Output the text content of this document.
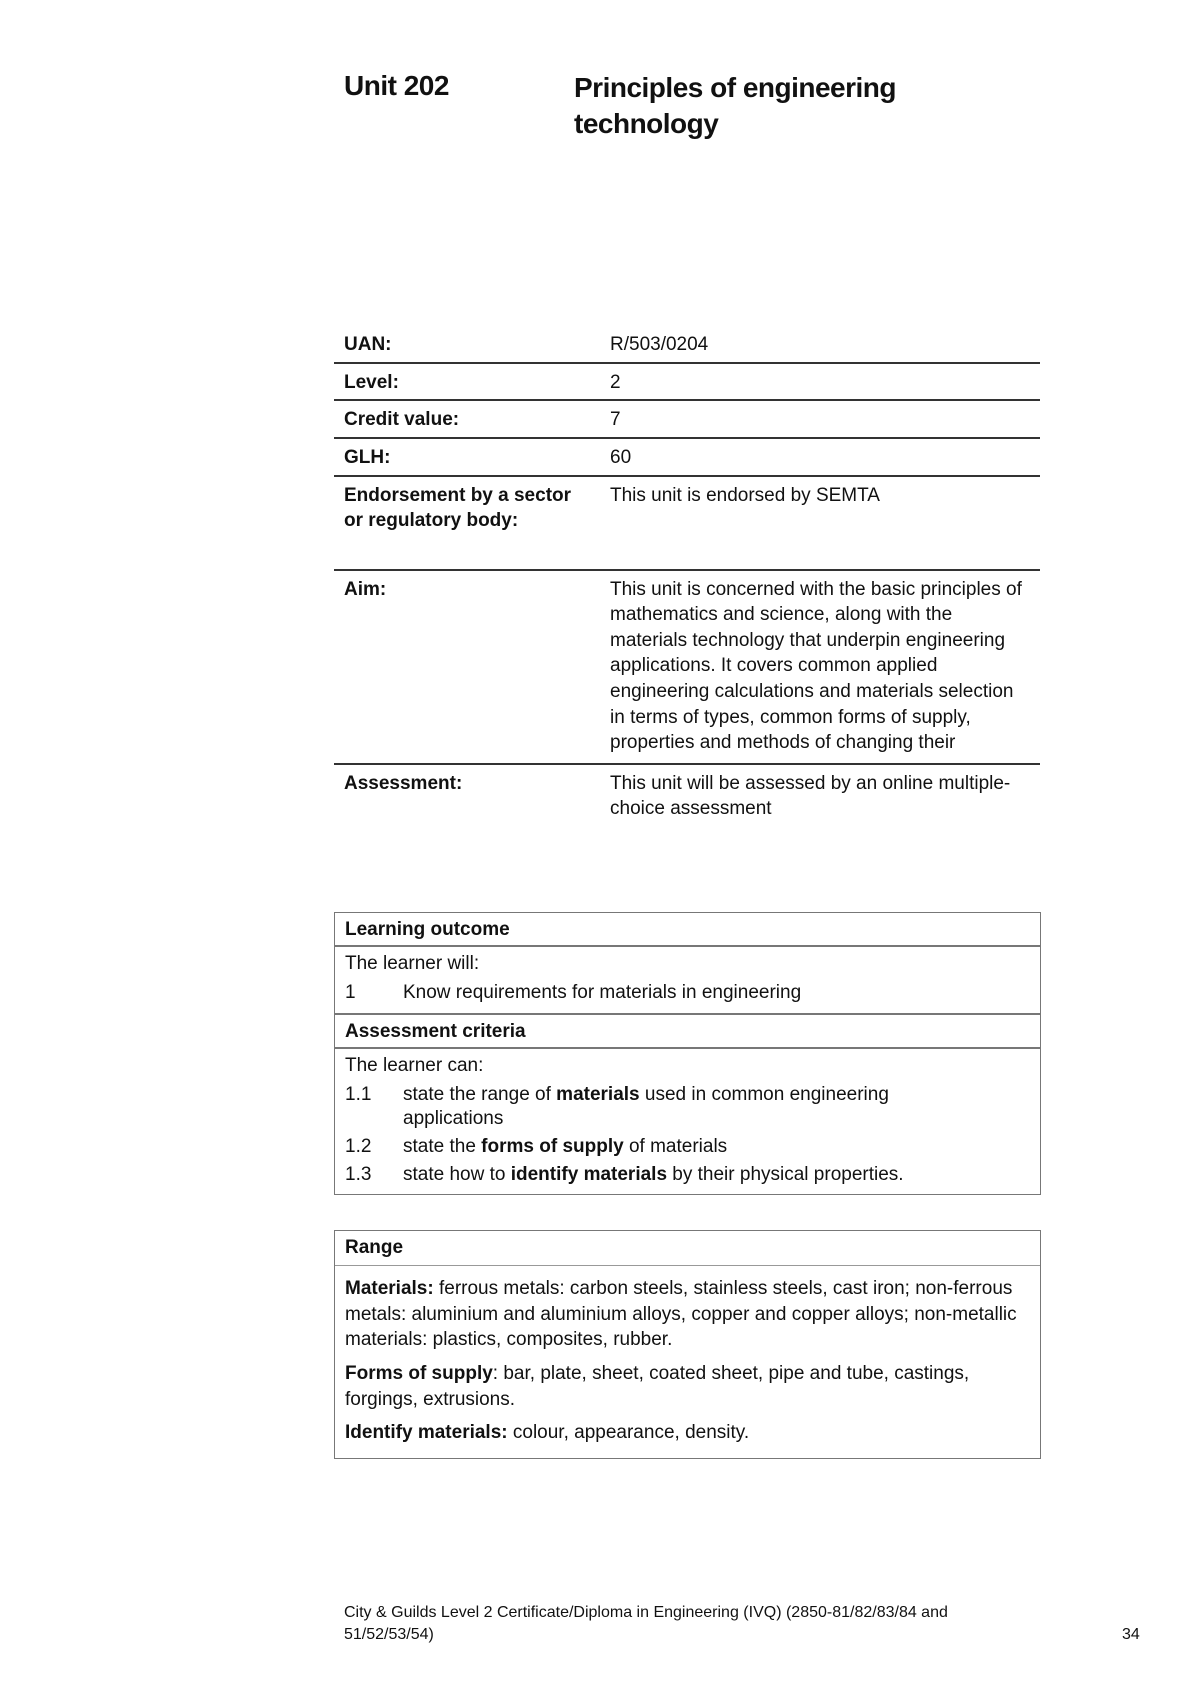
Unit 202	Principles of engineering technology
UAN:	R/503/0204
Level:	2
Credit value:	7
GLH:	60
Endorsement by a sector or regulatory body:	This unit is endorsed by SEMTA
Aim:	This unit is concerned with the basic principles of mathematics and science, along with the materials technology that underpin engineering applications. It covers common applied engineering calculations and materials selection in terms of types, common forms of supply, properties and methods of changing their

Assessment:	This unit will be assessed by an online multiple-choice assessment
Learning outcome
The learner will:
1	Know requirements for materials in engineering
Assessment criteria
The learner can:
1.1	state the range of materials used in common engineering applications
1.2	state the forms of supply of materials
1.3	state how to identify materials by their physical properties.
Range

Materials: ferrous metals: carbon steels, stainless steels, cast iron; non-ferrous metals: aluminium and aluminium alloys, copper and copper alloys; non-metallic materials: plastics, composites, rubber.

Forms of supply: bar, plate, sheet, coated sheet, pipe and tube, castings, forgings, extrusions.

Identify materials: colour, appearance, density.

City & Guilds Level 2 Certificate/Diploma in Engineering (IVQ) (2850-81/82/83/84 and 51/52/53/54)	34
